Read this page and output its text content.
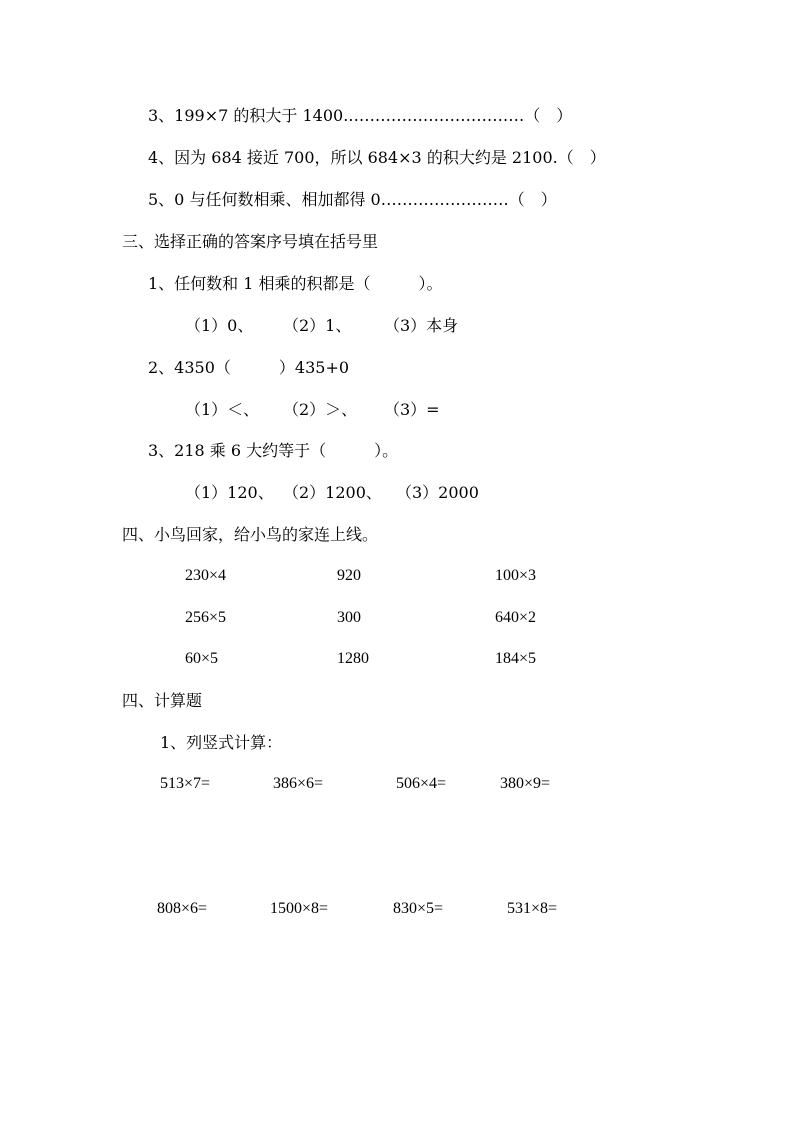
3、199×7 的积大于 1400.……………………………（　）
4、因为 684 接近 700，所以 684×3 的积大约是 2100.（　）
5、0 与任何数相乘、相加都得 0……………………（　）
三、选择正确的答案序号填在括号里
1、任何数和 1 相乘的积都是（　　　）。
（1）0、 （2）1、 （3）本身
2、4350（　　　）435+0
（1）＜、 （2）＞、 （3）=
3、218 乘 6 大约等于（　　　）。
（1）120、 （2）1200、 （3）2000
四、小鸟回家，给小鸟的家连上线。
230×4	920	100×3
256×5	300	640×2
60×5	1280	184×5
四、计算题
1、列竖式计算：
513×7=	386×6=	506×4=	380×9=
808×6=	1500×8=	830×5=	531×8=
